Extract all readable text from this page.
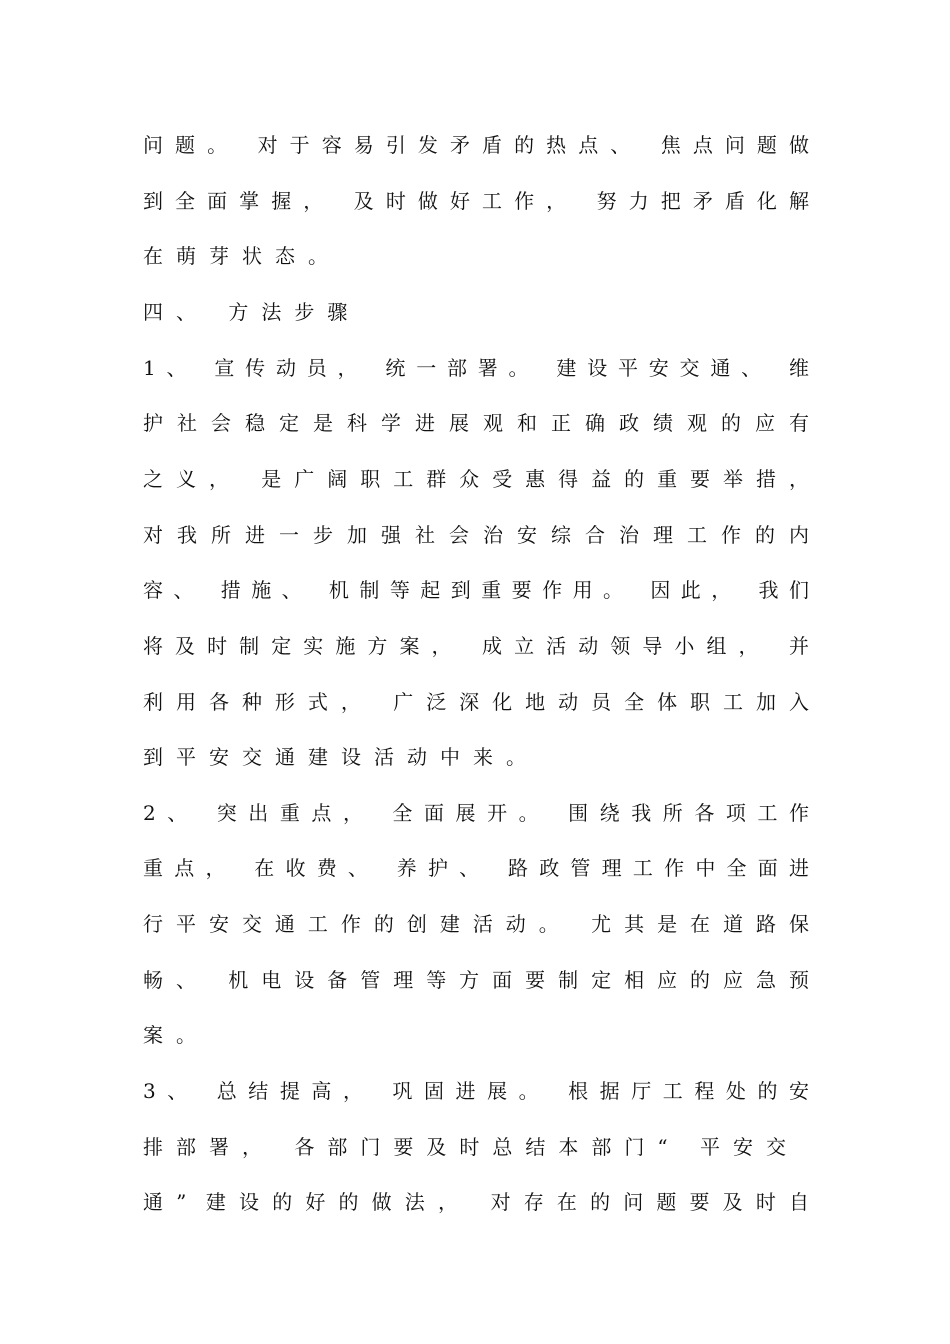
问题。 对于容易引发矛盾的热点、 焦点问题做
到全面掌握， 及时做好工作， 努力把矛盾化解
在萌芽状态。
四、 方法步骤
1、 宣传动员， 统一部署。 建设平安交通、 维
护社会稳定是科学进展观和正确政绩观的应有
之义， 是广阔职工群众受惠得益的重要举措，
对我所进一步加强社会治安综合治理工作的内
容、 措施、 机制等起到重要作用。 因此， 我们
将及时制定实施方案， 成立活动领导小组， 并
利用各种形式， 广泛深化地动员全体职工加入
到平安交通建设活动中来。
2、 突出重点， 全面展开。 围绕我所各项工作
重点， 在收费、 养护、 路政管理工作中全面进
行平安交通工作的创建活动。 尤其是在道路保
畅、 机电设备管理等方面要制定相应的应急预
案。
3、 总结提高， 巩固进展。 根据厅工程处的安
排部署， 各部门要及时总结本部门“ 平安交
通” 建设的好的做法， 对存在的问题要及时自
